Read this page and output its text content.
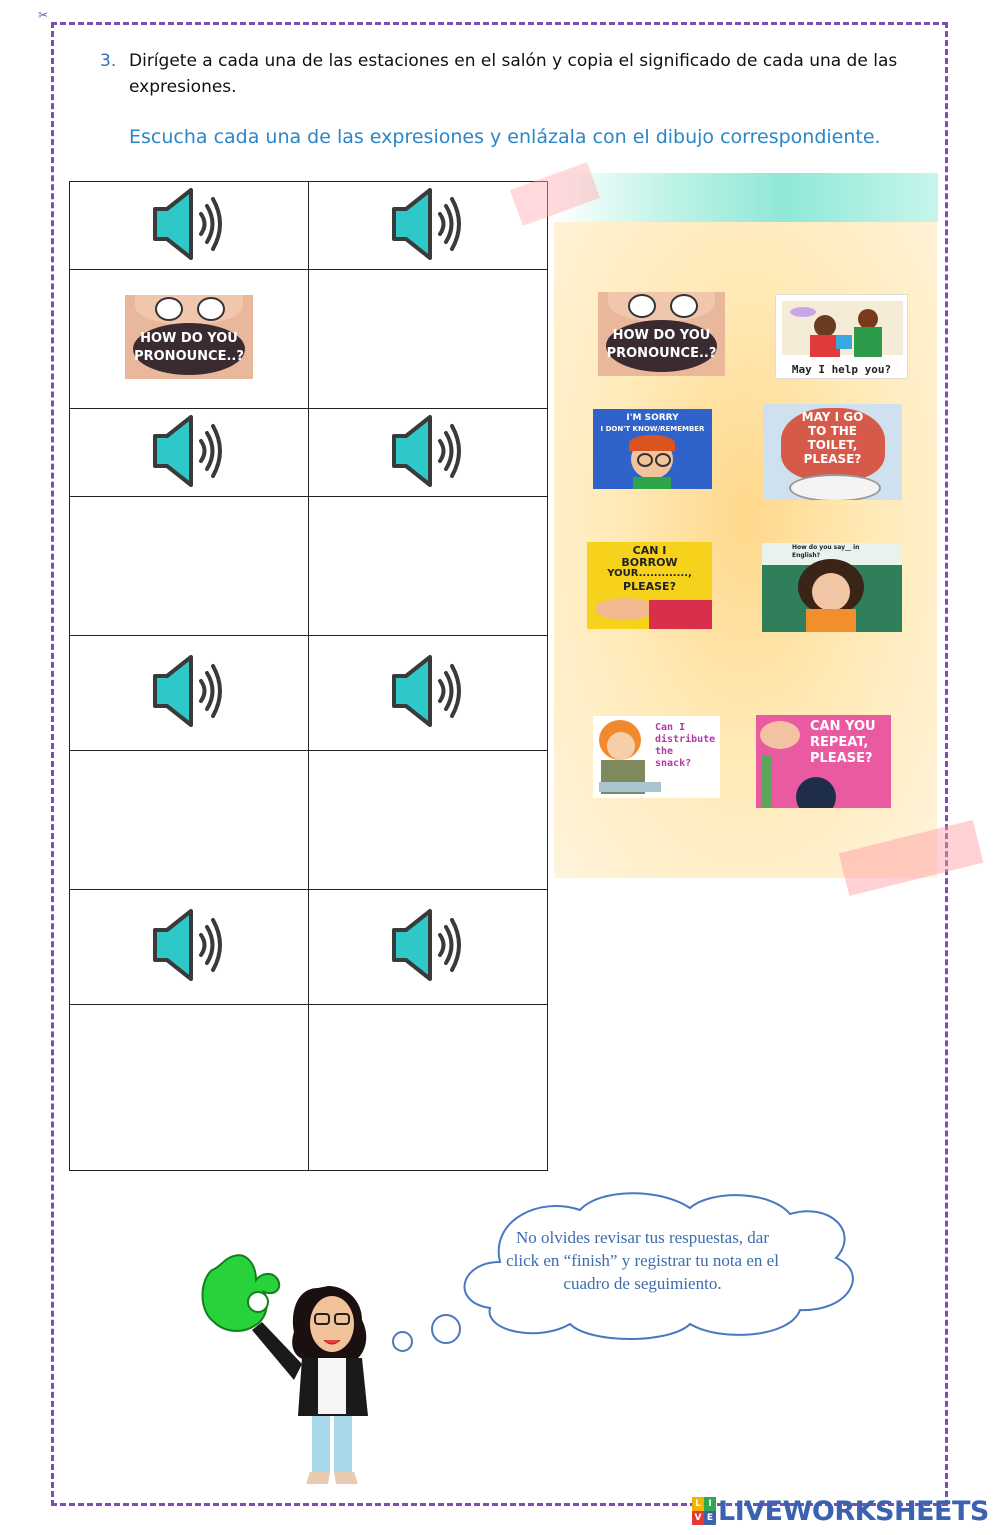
✂
3. Dirígete a cada una de las estaciones en el salón y copia el significado de cada una de las expresiones.
Escucha cada una de las expresiones y enlázala con el dibujo correspondiente.

HOW DO YOU
PRONOUNCE..?	

HOW DO YOU
PRONOUNCE..?
May I help you?
I'M SORRY
I DON'T KNOW/REMEMBER
MAY I GO
TO THE
TOILET,
PLEASE?
CAN I
BORROW
YOUR.............,
PLEASE?
How do you say__ in
English?
Can I
distribute
the
snack?
CAN YOU
REPEAT,
PLEASE?
No olvides revisar tus respuestas, dar click en “finish” y registrar tu nota en el cuadro de seguimiento.
L I
V E LIVEWORKSHEETS
